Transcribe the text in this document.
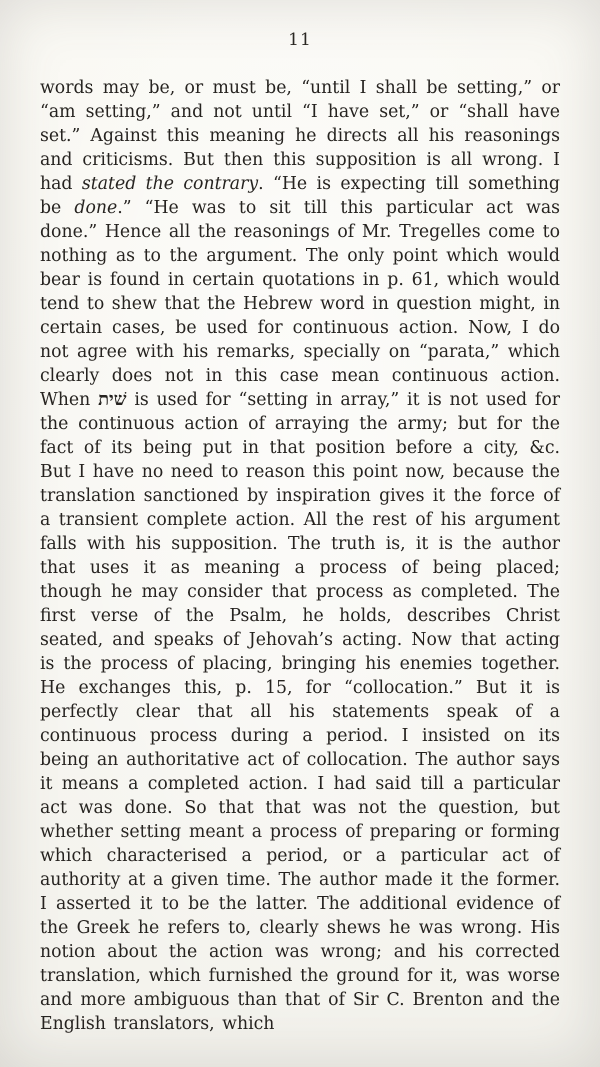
11

words may be, or must be, “until I shall be setting,” or “am setting,” and not until “I have set,” or “shall have set.” Against this meaning he directs all his reasonings and criticisms. But then this supposition is all wrong. I had stated the contrary. “He is expecting till something be done.” “He was to sit till this particular act was done.” Hence all the reasonings of Mr. Tregelles come to nothing as to the argument. The only point which would bear is found in certain quotations in p. 61, which would tend to shew that the Hebrew word in question might, in certain cases, be used for continuous action. Now, I do not agree with his remarks, specially on “parata,” which clearly does not in this case mean continuous action. When שׁית is used for “setting in array,” it is not used for the continuous action of arraying the army; but for the fact of its being put in that position before a city, &c. But I have no need to reason this point now, because the translation sanctioned by inspiration gives it the force of a transient complete action. All the rest of his argument falls with his supposition. The truth is, it is the author that uses it as meaning a process of being placed; though he may consider that process as completed. The first verse of the Psalm, he holds, describes Christ seated, and speaks of Jehovah’s acting. Now that acting is the process of placing, bringing his enemies together. He exchanges this, p. 15, for “collocation.” But it is perfectly clear that all his statements speak of a continuous process during a period. I insisted on its being an authoritative act of collocation. The author says it means a completed action. I had said till a particular act was done. So that that was not the question, but whether setting meant a process of preparing or forming which characterised a period, or a particular act of authority at a given time. The author made it the former. I asserted it to be the latter. The additional evidence of the Greek he refers to, clearly shews he was wrong. His notion about the action was wrong; and his corrected translation, which furnished the ground for it, was worse and more ambiguous than that of Sir C. Brenton and the English translators, which
